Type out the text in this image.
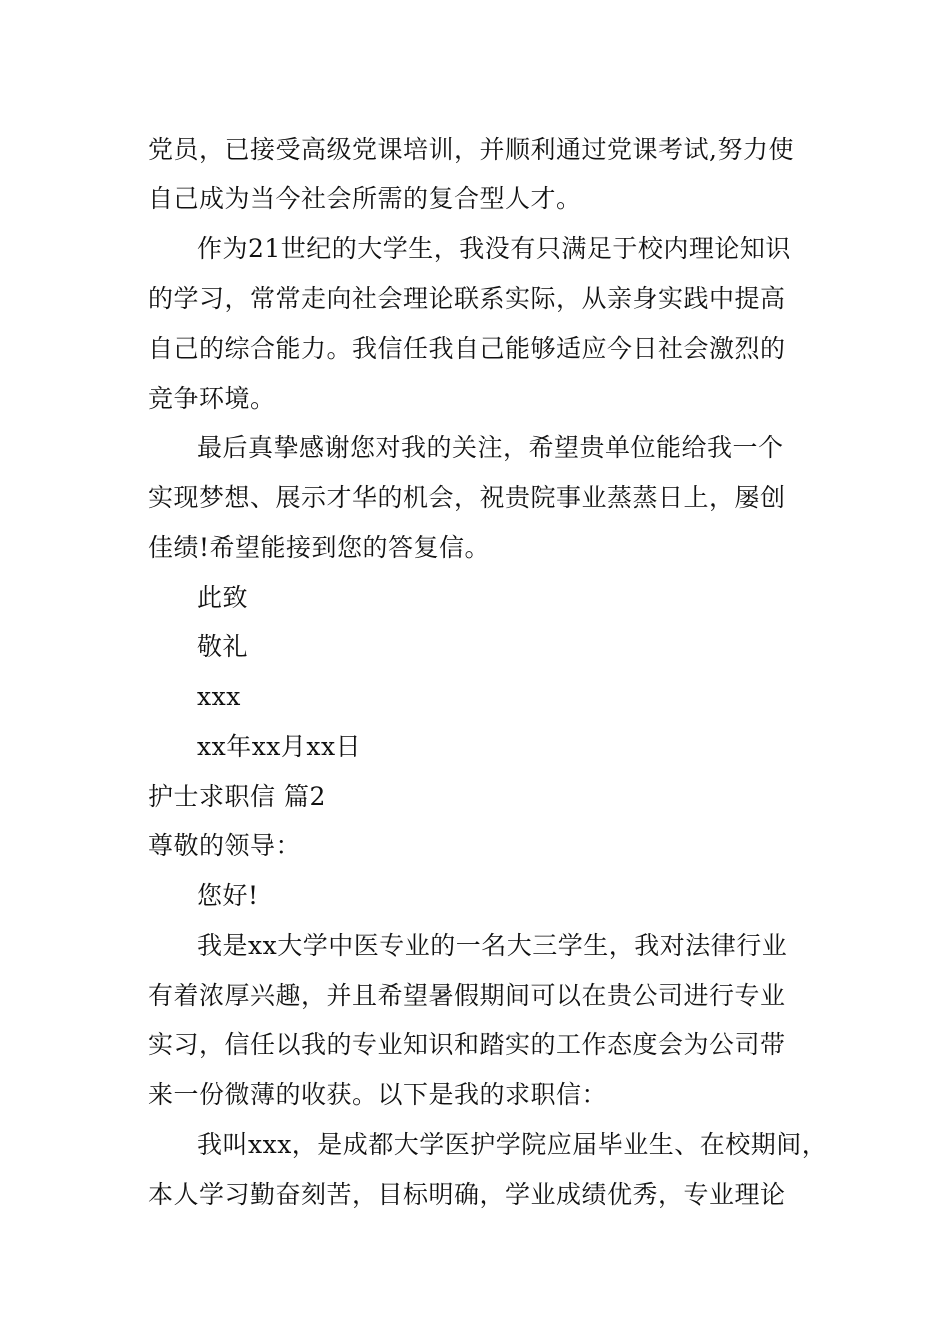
党员，已接受高级党课培训，并顺利通过党课考试,努力使
自己成为当今社会所需的复合型人才。
作为21世纪的大学生，我没有只满足于校内理论知识
的学习，常常走向社会理论联系实际，从亲身实践中提高
自己的综合能力。我信任我自己能够适应今日社会激烈的
竞争环境。
最后真挚感谢您对我的关注，希望贵单位能给我一个
实现梦想、展示才华的机会，祝贵院事业蒸蒸日上，屡创
佳绩!希望能接到您的答复信。
此致
敬礼
xxx
xx年xx月xx日
护士求职信 篇2
尊敬的领导：
您好!
我是xx大学中医专业的一名大三学生，我对法律行业
有着浓厚兴趣，并且希望暑假期间可以在贵公司进行专业
实习，信任以我的专业知识和踏实的工作态度会为公司带
来一份微薄的收获。以下是我的求职信：
我叫xxx，是成都大学医护学院应届毕业生、在校期间，
本人学习勤奋刻苦，目标明确，学业成绩优秀，专业理论
